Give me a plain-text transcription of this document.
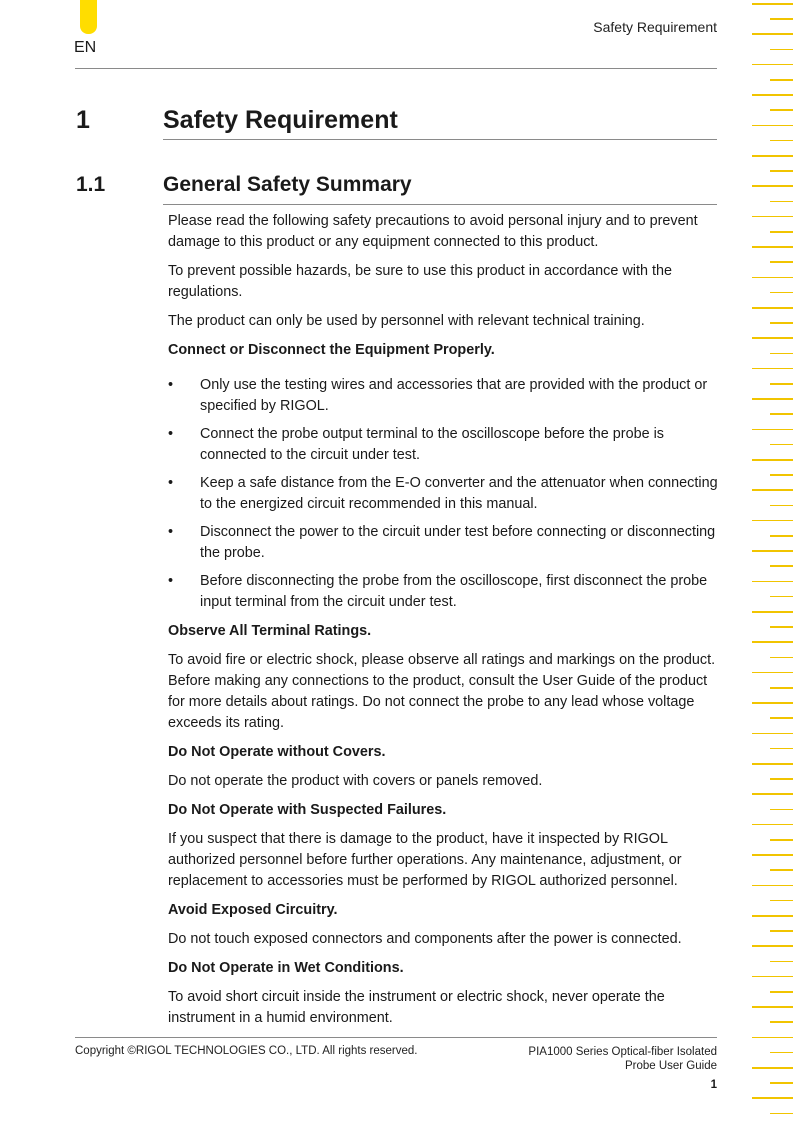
EN
Safety Requirement
1	Safety Requirement
1.1	General Safety Summary

Please read the following safety precautions to avoid personal injury and to prevent damage to this product or any equipment connected to this product.

To prevent possible hazards, be sure to use this product in accordance with the regulations.

The product can only be used by personnel with relevant technical training.

Connect or Disconnect the Equipment Properly.

• Only use the testing wires and accessories that are provided with the product or specified by RIGOL.
• Connect the probe output terminal to the oscilloscope before the probe is connected to the circuit under test.
• Keep a safe distance from the E-O converter and the attenuator when connecting to the energized circuit recommended in this manual.
• Disconnect the power to the circuit under test before connecting or disconnecting the probe.
• Before disconnecting the probe from the oscilloscope, first disconnect the probe input terminal from the circuit under test.

Observe All Terminal Ratings.

To avoid fire or electric shock, please observe all ratings and markings on the product. Before making any connections to the product, consult the User Guide of the product for more details about ratings. Do not connect the probe to any lead whose voltage exceeds its rating.

Do Not Operate without Covers.

Do not operate the product with covers or panels removed.

Do Not Operate with Suspected Failures.

If you suspect that there is damage to the product, have it inspected by RIGOL authorized personnel before further operations. Any maintenance, adjustment, or replacement to accessories must be performed by RIGOL authorized personnel.

Avoid Exposed Circuitry.

Do not touch exposed connectors and components after the power is connected.

Do Not Operate in Wet Conditions.

To avoid short circuit inside the instrument or electric shock, never operate the instrument in a humid environment.

Copyright ©RIGOL TECHNOLOGIES CO., LTD. All rights reserved.	PIA1000 Series Optical-fiber Isolated
Probe User Guide
1
